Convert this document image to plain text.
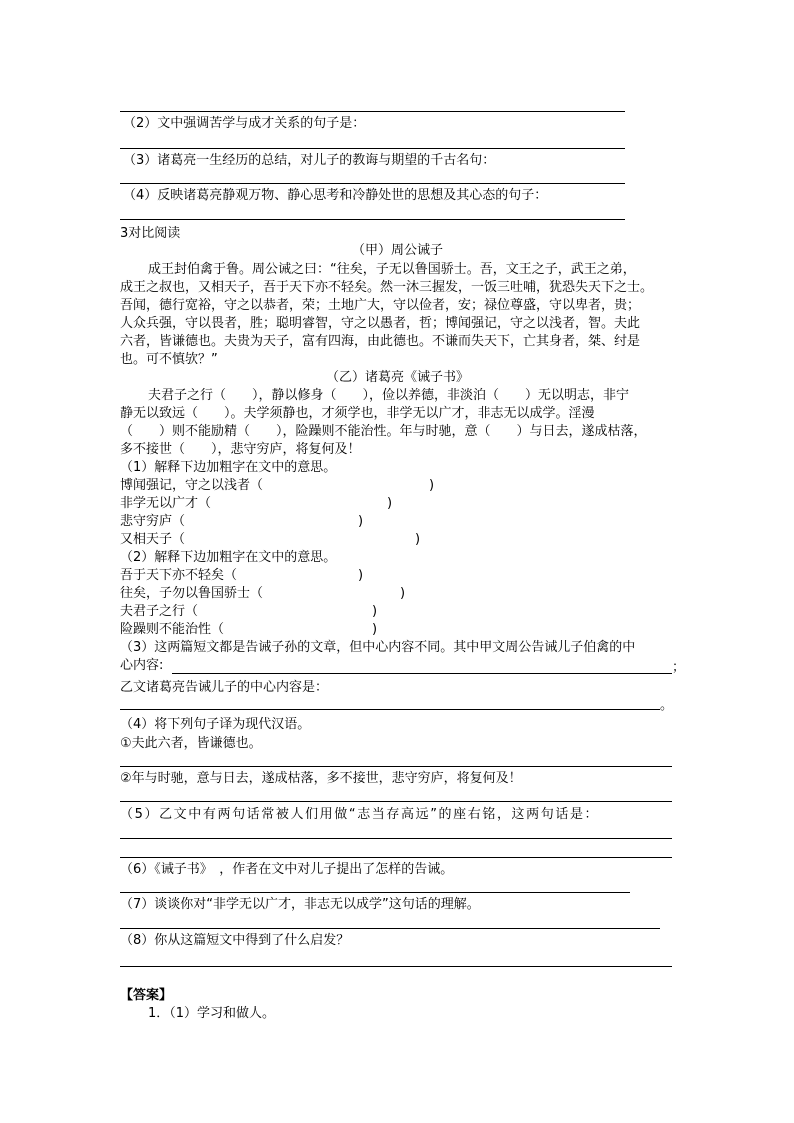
（2）文中强调苦学与成才关系的句子是：
（3）诸葛亮一生经历的总结，对儿子的教诲与期望的千古名句：
（4）反映诸葛亮静观万物、静心思考和冷静处世的思想及其心态的句子：
3对比阅读
（甲）周公诫子
成王封伯禽于鲁。周公诫之曰：“往矣，子无以鲁国骄士。吾，文王之子，武王之弟，
成王之叔也，又相天子，吾于天下亦不轻矣。然一沐三握发，一饭三吐哺，犹恐失天下之士。
吾闻，德行宽裕，守之以恭者，荣；土地广大，守以俭者，安；禄位尊盛，守以卑者，贵；
人众兵强，守以畏者，胜；聪明睿智，守之以愚者，哲；博闻强记，守之以浅者，智。夫此
六者，皆谦德也。夫贵为天子，富有四海，由此德也。不谦而失天下，亡其身者，桀、纣是
也。可不慎欤？”
（乙）诸葛亮《诫子书》
夫君子之行（　　），静以修身（　　），俭以养德，非淡泊（　　）无以明志，非宁
静无以致远（　　）。夫学须静也，才须学也，非学无以广才，非志无以成学。淫漫
（　　）则不能励精（　　），险躁则不能治性。年与时驰，意（　　）与日去，遂成枯落，
多不接世（　　），悲守穷庐，将复何及！
（1）解释下边加粗字在文中的意思。
博闻强记，守之以浅者（	)
非学无以广才（	)
悲守穷庐（	)
又相天子（	)
（2）解释下边加粗字在文中的意思。
吾于天下亦不轻矣（	)
往矣，子勿以鲁国骄士（	)
夫君子之行（	)
险躁则不能治性（	)
（3）这两篇短文都是告诫子孙的文章，但中心内容不同。其中甲文周公告诫儿子伯禽的中
心内容:	；
乙文诸葛亮告诫儿子的中心内容是：
。
（4）将下列句子译为现代汉语。
①夫此六者，皆谦德也。
②年与时驰，意与日去，遂成枯落，多不接世，悲守穷庐，将复何及！
（5）乙文中有两句话常被人们用做“志当存高远”的座右铭，这两句话是：
（6）《诫子书》　，作者在文中对儿子提出了怎样的告诫。
（7）谈谈你对“非学无以广才，非志无以成学”这句话的理解。
（8）你从这篇短文中得到了什么启发？
【答案】
1．（1）学习和做人。
